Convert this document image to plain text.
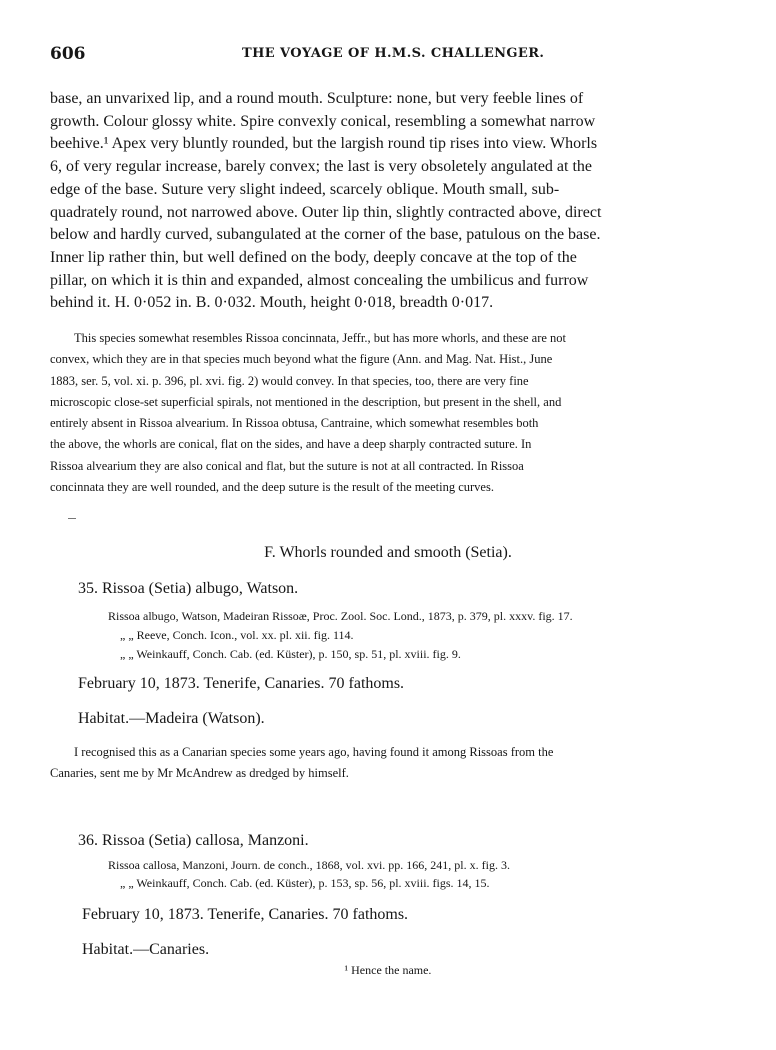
606	THE VOYAGE OF H.M.S. CHALLENGER.
base, an unvarixed lip, and a round mouth. Sculpture: none, but very feeble lines of
growth. Colour glossy white. Spire convexly conical, resembling a somewhat narrow
beehive.¹ Apex very bluntly rounded, but the largish round tip rises into view. Whorls
6, of very regular increase, barely convex; the last is very obsoletely angulated at the
edge of the base. Suture very slight indeed, scarcely oblique. Mouth small, sub-
quadrately round, not narrowed above. Outer lip thin, slightly contracted above, direct
below and hardly curved, subangulated at the corner of the base, patulous on the base.
Inner lip rather thin, but well defined on the body, deeply concave at the top of the
pillar, on which it is thin and expanded, almost concealing the umbilicus and furrow
behind it. H. 0·052 in. B. 0·032. Mouth, height 0·018, breadth 0·017.
This species somewhat resembles Rissoa concinnata, Jeffr., but has more whorls, and these are not
convex, which they are in that species much beyond what the figure (Ann. and Mag. Nat. Hist., June
1883, ser. 5, vol. xi. p. 396, pl. xvi. fig. 2) would convey. In that species, too, there are very fine
microscopic close-set superficial spirals, not mentioned in the description, but present in the shell, and
entirely absent in Rissoa alvearium. In Rissoa obtusa, Cantraine, which somewhat resembles both
the above, the whorls are conical, flat on the sides, and have a deep sharply contracted suture. In
Rissoa alvearium they are also conical and flat, but the suture is not at all contracted. In Rissoa
concinnata they are well rounded, and the deep suture is the result of the meeting curves.
F. Whorls rounded and smooth (Setia).
35. Rissoa (Setia) albugo, Watson.
Rissoa albugo, Watson, Madeiran Rissoæ, Proc. Zool. Soc. Lond., 1873, p. 379, pl. xxxv. fig. 17.
„ „ Reeve, Conch. Icon., vol. xx. pl. xii. fig. 114.
„ „ Weinkauff, Conch. Cab. (ed. Küster), p. 150, sp. 51, pl. xviii. fig. 9.
February 10, 1873. Tenerife, Canaries. 70 fathoms.
Habitat.—Madeira (Watson).
I recognised this as a Canarian species some years ago, having found it among Rissoas from the
Canaries, sent me by Mr McAndrew as dredged by himself.
36. Rissoa (Setia) callosa, Manzoni.
Rissoa callosa, Manzoni, Journ. de conch., 1868, vol. xvi. pp. 166, 241, pl. x. fig. 3.
„ „ Weinkauff, Conch. Cab. (ed. Küster), p. 153, sp. 56, pl. xviii. figs. 14, 15.
February 10, 1873. Tenerife, Canaries. 70 fathoms.
Habitat.—Canaries.
¹ Hence the name.
